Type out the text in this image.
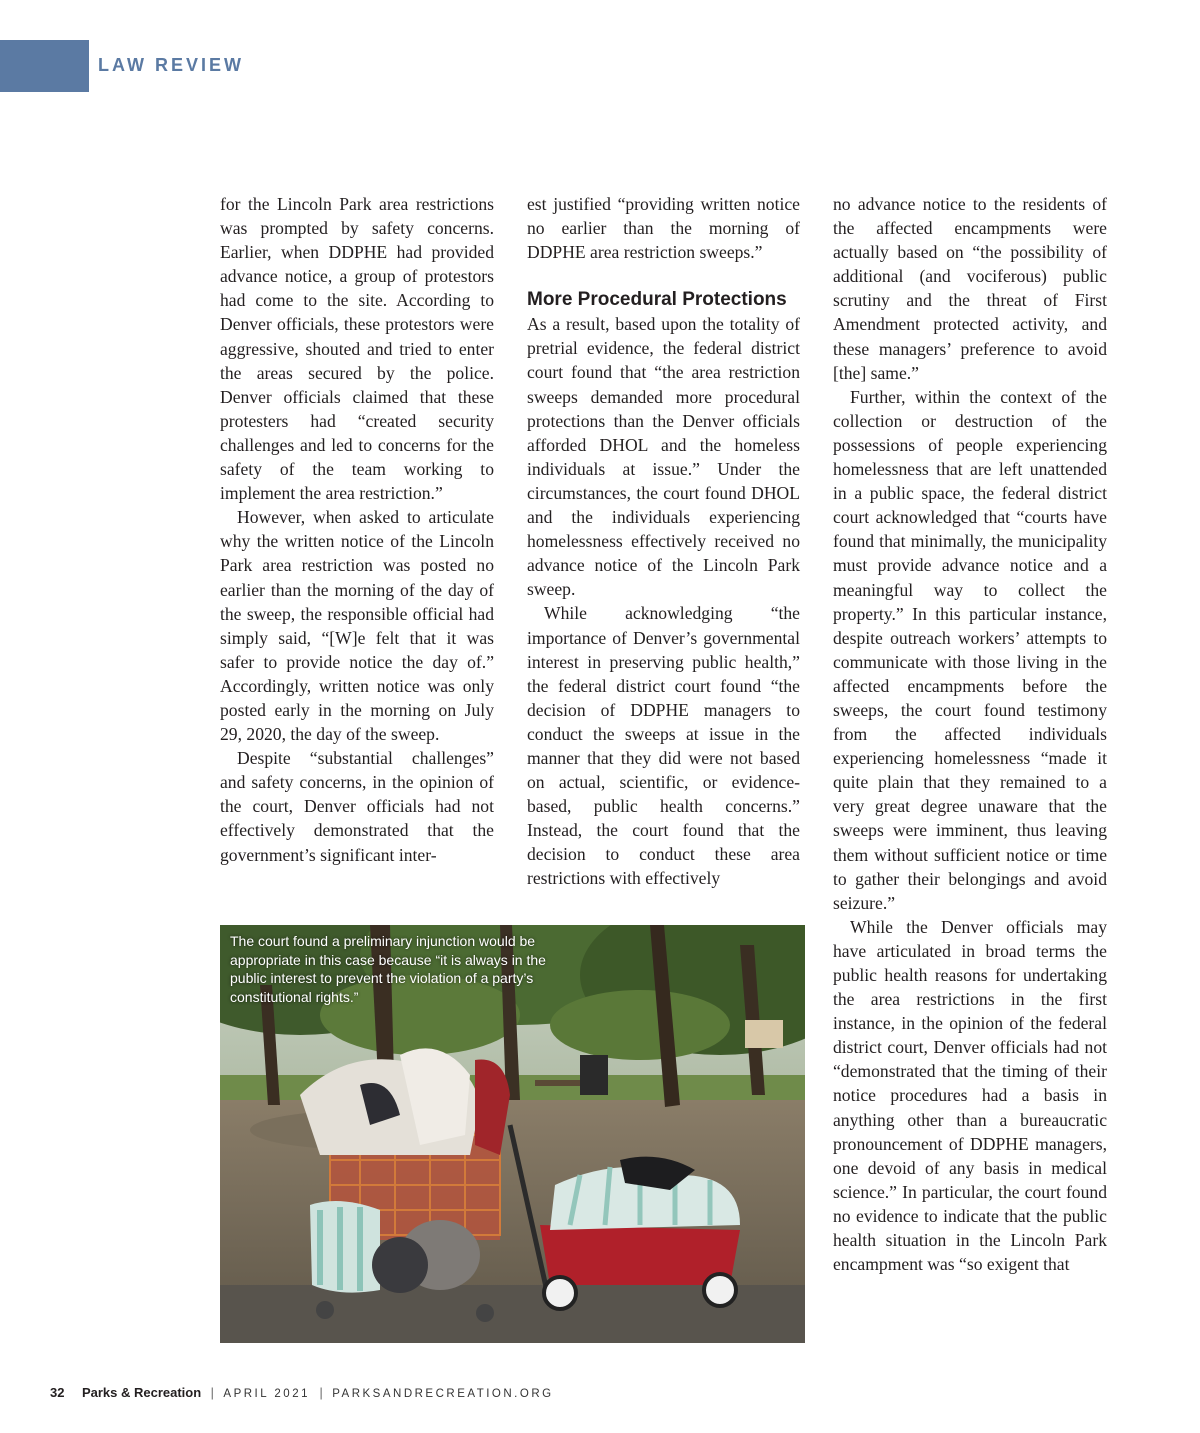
LAW REVIEW

for the Lincoln Park area restrictions was prompted by safety concerns. Earlier, when DDPHE had provided advance notice, a group of protestors had come to the site. According to Denver officials, these protestors were aggressive, shouted and tried to enter the areas secured by the police. Denver officials claimed that these protesters had “created security challenges and led to concerns for the safety of the team working to implement the area restriction.”

However, when asked to articulate why the written notice of the Lincoln Park area restriction was posted no earlier than the morning of the day of the sweep, the responsible official had simply said, “[W]e felt that it was safer to provide notice the day of.” Accordingly, written notice was only posted early in the morning on July 29, 2020, the day of the sweep.

Despite “substantial challenges” and safety concerns, in the opinion of the court, Denver officials had not effectively demonstrated that the government’s significant inter-

est justified “providing written notice no earlier than the morning of DDPHE area restriction sweeps.”

More Procedural Protections

As a result, based upon the totality of pretrial evidence, the federal district court found that “the area restriction sweeps demanded more procedural protections than the Denver officials afforded DHOL and the homeless individuals at issue.” Under the circumstances, the court found DHOL and the individuals experiencing homelessness effectively received no advance notice of the Lincoln Park sweep.

While acknowledging “the importance of Denver’s governmental interest in preserving public health,” the federal district court found “the decision of DDPHE managers to conduct the sweeps at issue in the manner that they did were not based on actual, scientific, or evidence-based, public health concerns.” Instead, the court found that the decision to conduct these area restrictions with effectively

no advance notice to the residents of the affected encampments were actually based on “the possibility of additional (and vociferous) public scrutiny and the threat of First Amendment protected activity, and these managers’ preference to avoid [the] same.”

Further, within the context of the collection or destruction of the possessions of people experiencing homelessness that are left unattended in a public space, the federal district court acknowledged that “courts have found that minimally, the municipality must provide advance notice and a meaningful way to collect the property.” In this particular instance, despite outreach workers’ attempts to communicate with those living in the affected encampments before the sweeps, the court found testimony from the affected individuals experiencing homelessness “made it quite plain that they remained to a very great degree unaware that the sweeps were imminent, thus leaving them without sufficient notice or time to gather their belongings and avoid seizure.”

While the Denver officials may have articulated in broad terms the public health reasons for undertaking the area restrictions in the first instance, in the opinion of the federal district court, Denver officials had not “demonstrated that the timing of their notice procedures had a basis in anything other than a bureaucratic pronouncement of DDPHE managers, one devoid of any basis in medical science.” In particular, the court found no evidence to indicate that the public health situation in the Lincoln Park encampment was “so exigent that

The court found a preliminary injunction would be appropriate in this case because “it is always in the public interest to prevent the violation of a party’s constitutional rights.”
32 Parks & Recreation | APRIL 2021 | PARKSANDRECREATION.ORG
